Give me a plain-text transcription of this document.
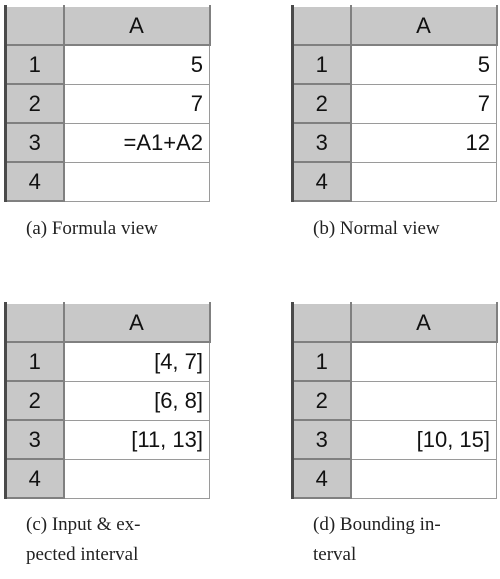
	A
1	5
2	7
3	=A1+A2
4	
(a) Formula view
	A
1	5
2	7
3	12
4	
(b) Normal view
	A
1	[4, 7]
2	[6, 8]
3	[11, 13]
4	
(c) Input & ex-
pected interval
	A
1	
2	
3	[10, 15]
4	
(d) Bounding in-
terval
